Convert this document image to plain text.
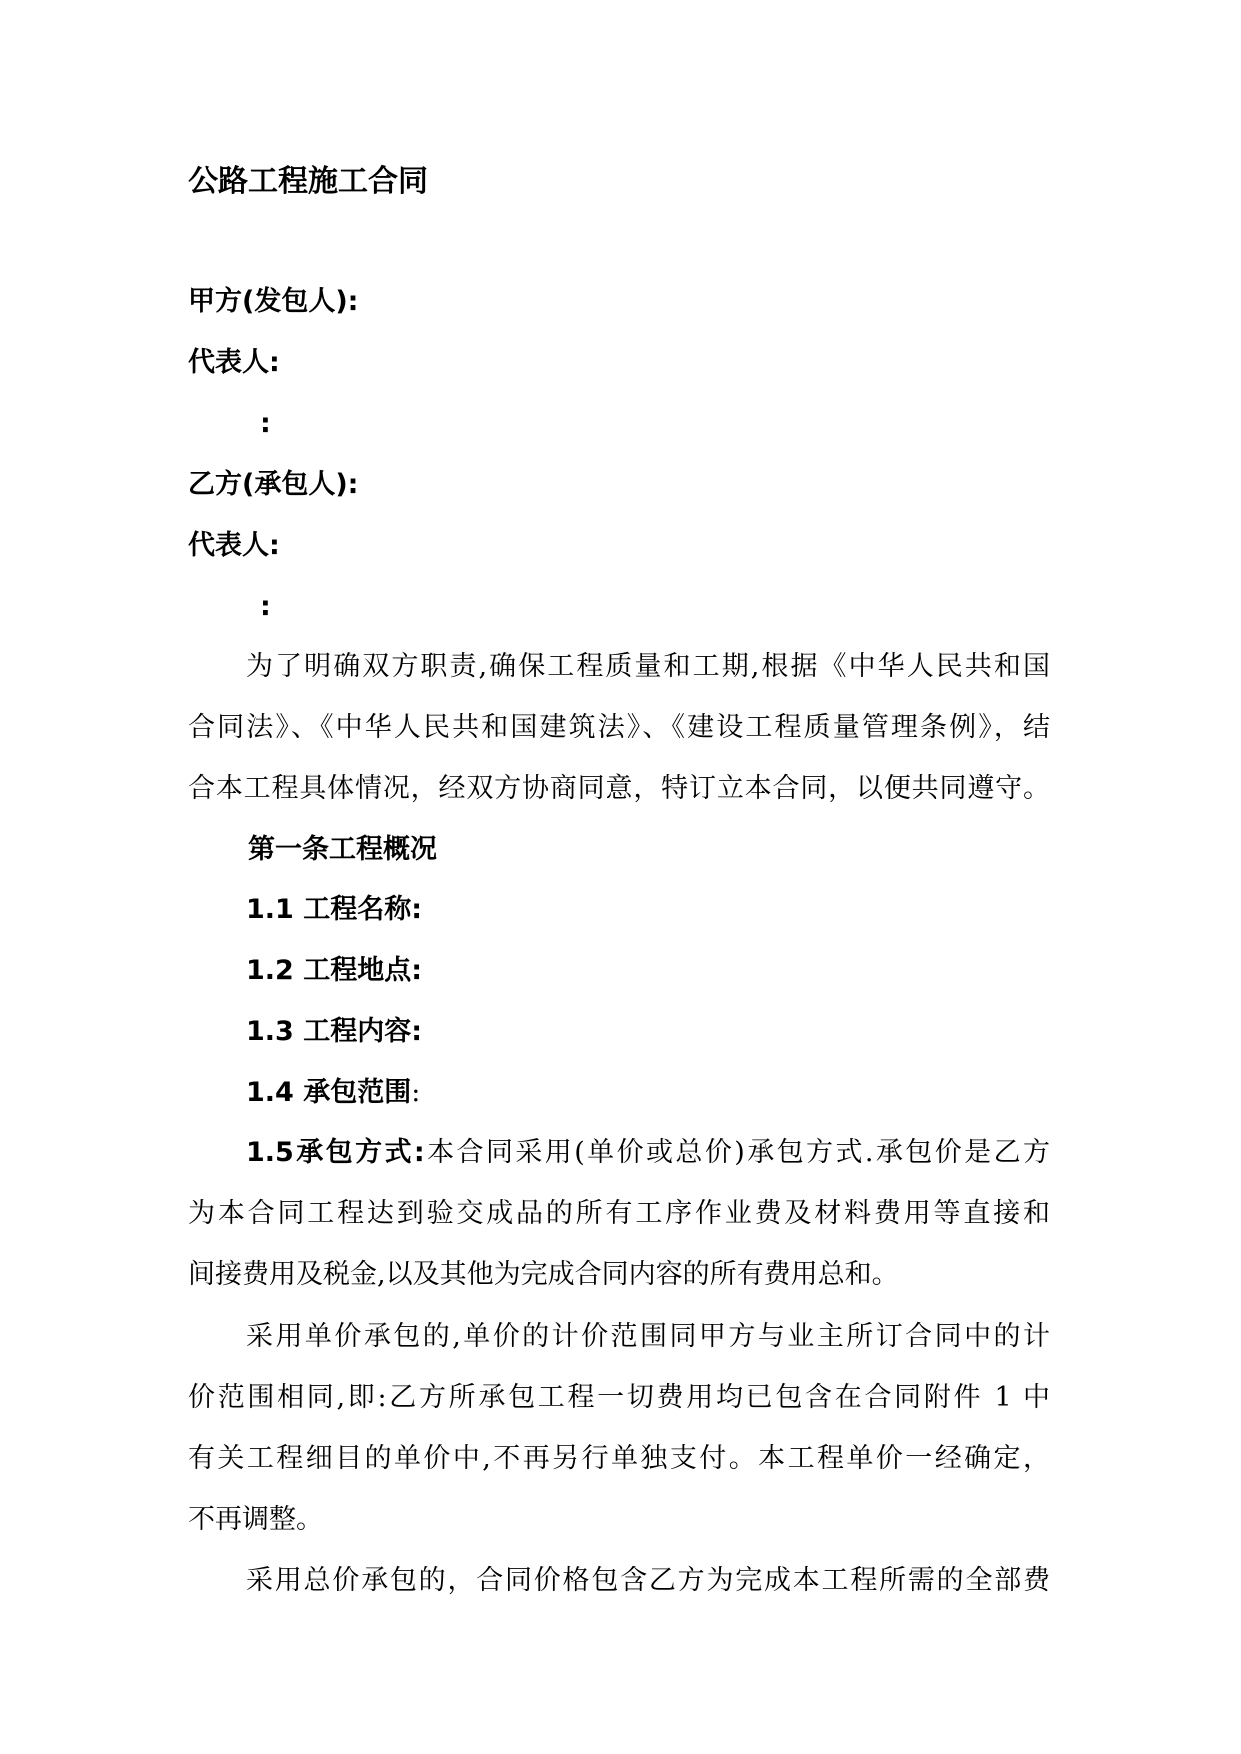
公路工程施工合同
甲方(发包人):
代表人:
:
乙方(承包人):
代表人:
:
为了明确双方职责,确保工程质量和工期,根据《中华人民共和国
合同法》、《中华人民共和国建筑法》、《建设工程质量管理条例》，结
合本工程具体情况，经双方协商同意，特订立本合同，以便共同遵守。
第一条工程概况
1.1 工程名称:
1.2 工程地点:
1.3 工程内容:
1.4 承包范围:
1.5承包方式:本合同采用(单价或总价)承包方式.承包价是乙方
为本合同工程达到验交成品的所有工序作业费及材料费用等直接和
间接费用及税金,以及其他为完成合同内容的所有费用总和。
采用单价承包的,单价的计价范围同甲方与业主所订合同中的计
价范围相同,即:乙方所承包工程一切费用均已包含在合同附件 1 中
有关工程细目的单价中,不再另行单独支付。本工程单价一经确定，
不再调整。
采用总价承包的，合同价格包含乙方为完成本工程所需的全部费
